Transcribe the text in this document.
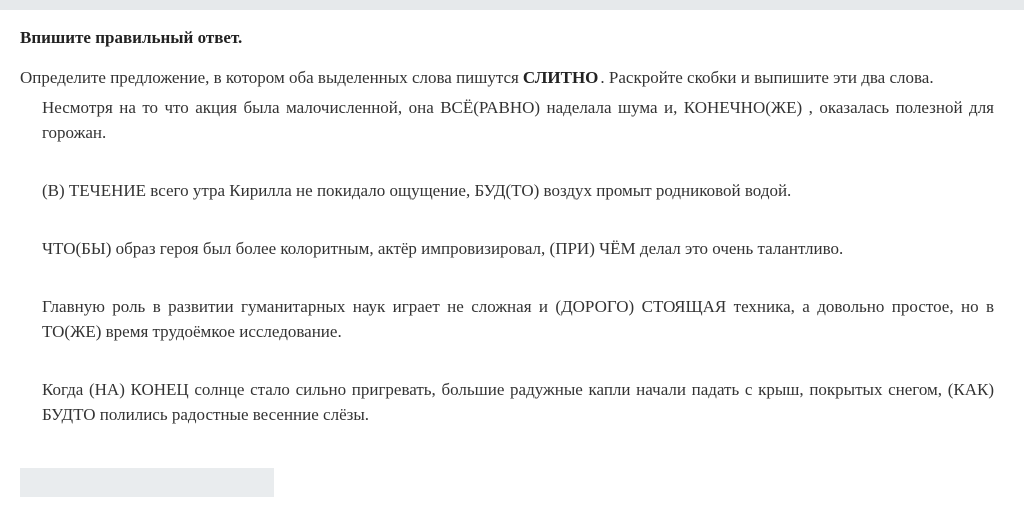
Впишите правильный ответ.
Определите предложение, в котором оба выделенных слова пишутся СЛИТНО . Раскройте скобки и выпишите эти два слова.

Несмотря на то что акция была малочисленной, она ВСЁ(РАВНО) наделала шума и, КОНЕЧНО(ЖЕ) , оказалась полезной для горожан.

(В) ТЕЧЕНИЕ всего утра Кирилла не покидало ощущение, БУД(ТО) воздух промыт родниковой водой.

ЧТО(БЫ) образ героя был более колоритным, актёр импровизировал, (ПРИ) ЧЁМ делал это очень талантливо.

Главную роль в развитии гуманитарных наук играет не сложная и (ДОРОГО) СТОЯЩАЯ техника, а довольно простое, но в ТО(ЖЕ) время трудоёмкое исследование.

Когда (НА) КОНЕЦ солнце стало сильно пригревать, большие радужные капли начали падать с крыш, покрытых снегом, (КАК) БУДТО полились радостные весенние слёзы.
